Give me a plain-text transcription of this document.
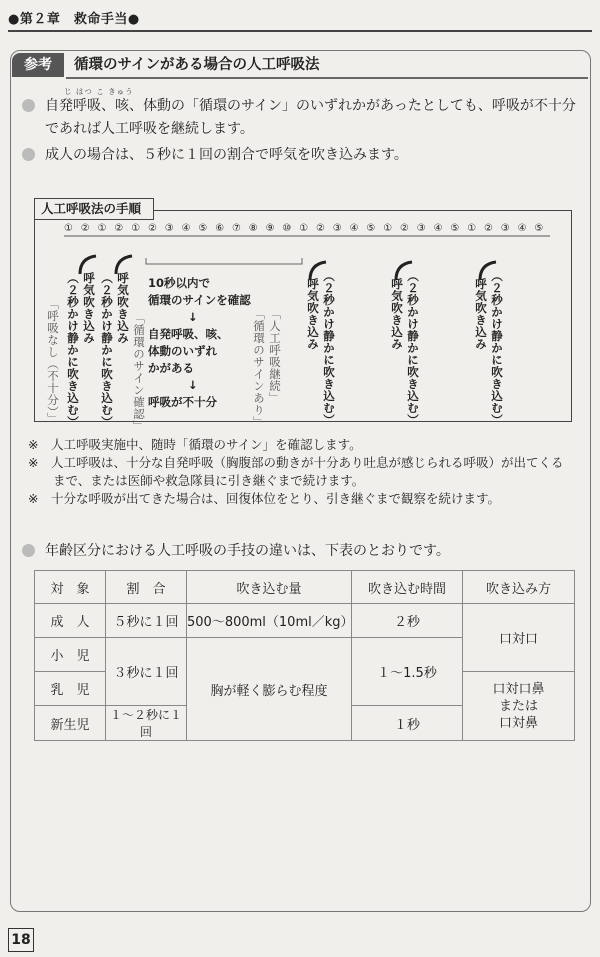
●第２章　救命手当●
参考	循環のサインがある場合の人工呼吸法
じ はつ こ きゅう
自発呼吸、咳、体動の「循環のサイン」のいずれかがあったとしても、呼吸が不十分
であれば人工呼吸を継続します。
成人の場合は、５秒に１回の割合で呼気を吹き込みます。
人工呼吸法の手順
① ② ① ② ① ② ③ ④ ⑤ ⑥ ⑦ ⑧ ⑨ ⑩ ① ② ③ ④ ⑤ ① ② ③ ④ ⑤ ① ② ③ ④ ⑤
呼気吹き込み
（２秒かけ静かに吹き込む）
「呼吸なし（不十分）」	呼気吹き込み
（２秒かけ静かに吹き込む） 「循環のサイン確認」
10秒以内で
循環のサインを確認
↓
自発呼吸、咳、
体動のいずれ
かがある
↓
呼吸が不十分	「人工呼吸継続」
「循環のサインあり」	呼気吹き込み （２秒かけ静かに吹き込む）	呼気吹き込み （２秒かけ静かに吹き込む）	呼気吹き込み （２秒かけ静かに吹き込む）
※　人工呼吸実施中、随時「循環のサイン」を確認します。
※　人工呼吸は、十分な自発呼吸（胸腹部の動きが十分あり吐息が感じられる呼吸）が出てくる
　　まで、または医師や救急隊員に引き継ぐまで続けます。
※　十分な呼吸が出てきた場合は、回復体位をとり、引き継ぐまで観察を続けます。
年齢区分における人工呼吸の手技の違いは、下表のとおりです。
対　象	割　合	吹き込む量	吹き込む時間	吹き込み方
成　人	５秒に１回	500～800ml（10ml／kg）	２秒	口対口
小　児	３秒に１回	胸が軽く膨らむ程度	１～1.5秒	
乳　児				口対口鼻
または
口対鼻

新生児	１～２秒に１回		１秒	
18
